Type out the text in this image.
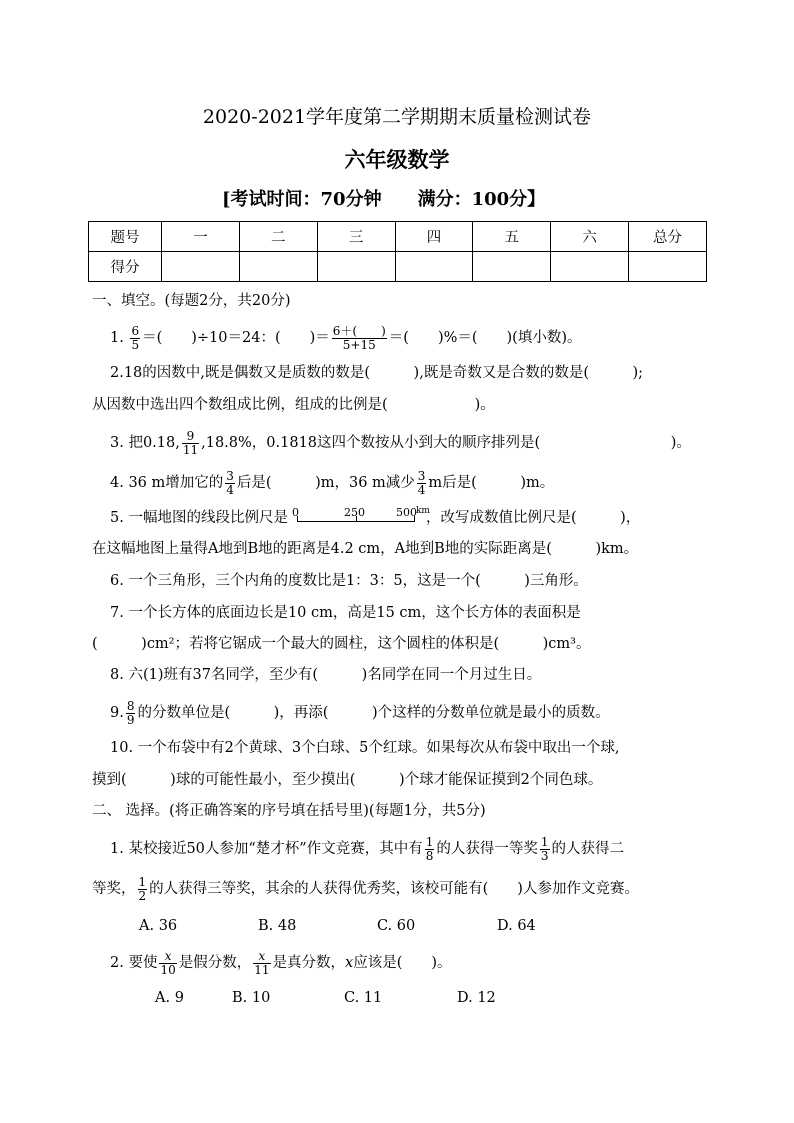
2020-2021学年度第二学期期末质量检测试卷
六年级数学
[考试时间：70分钟　　满分：100分】
题号	一	二	三	四	五	六	总分
得分							
一、填空。(每题2分，共20分)
1. $\frac{6}{5}$ ＝(　　)÷10＝24：(　　)＝ $\frac{6+( )}{5+15}$ ＝(　　)%＝(　　)(填小数)。
2.18的因数中,既是偶数又是质数的数是(　　　),既是奇数又是合数的数是(　　　);
从因数中选出四个数组成比例，组成的比例是(　　　　　　)。
3. 把0.18, $\frac{9}{11} ,18.8\%$，0.1818这四个数按从小到大的顺序排列是(　　　　　　　　　)。
4. 36 m增加它的 $\frac{3}{4}$ 后是(　　　)m，36 m减少 $\frac{3}{4}$ m后是(　　　)m。
5. 一幅地图的线段比例尺是 0	250	500 km
，改写成数值比例尺是(　　　)，
在这幅地图上量得A地到B地的距离是4.2 cm，A地到B地的实际距离是(　　　)km。
6. 一个三角形，三个内角的度数比是1：3：5，这是一个(　　　)三角形。
7. 一个长方体的底面边长是10 cm，高是15 cm，这个长方体的表面积是
(　　　)cm²；若将它锯成一个最大的圆柱，这个圆柱的体积是(　　　)cm³。
8. 六(1)班有37名同学，至少有(　　　)名同学在同一个月过生日。
9. $\frac{8}{9}$ 的分数单位是(　　　)，再添(　　　)个这样的分数单位就是最小的质数。
10. 一个布袋中有2个黄球、3个白球、5个红球。如果每次从布袋中取出一个球,
摸到(　　　)球的可能性最小，至少摸出(　　　)个球才能保证摸到2个同色球。
二、 选择。(将正确答案的序号填在括号里)(每题1分，共5分)
1. 某校接近50人参加“楚才杯”作文竞赛，其中有 $\frac{1}{8}$ 的人获得一等奖 $\frac{1}{3}$ 的人获得二
等奖， $\frac{1}{2}$ 的人获得三等奖，其余的人获得优秀奖，该校可能有(　　)人参加作文竞赛。
A. 36	B. 48	C. 60	D. 64
2. 要使 $\frac{x}{10}$ 是假分数， $\frac{x}{11}$ 是真分数，x应该是(　　)。
A. 9	B. 10	C. 11	D. 12
